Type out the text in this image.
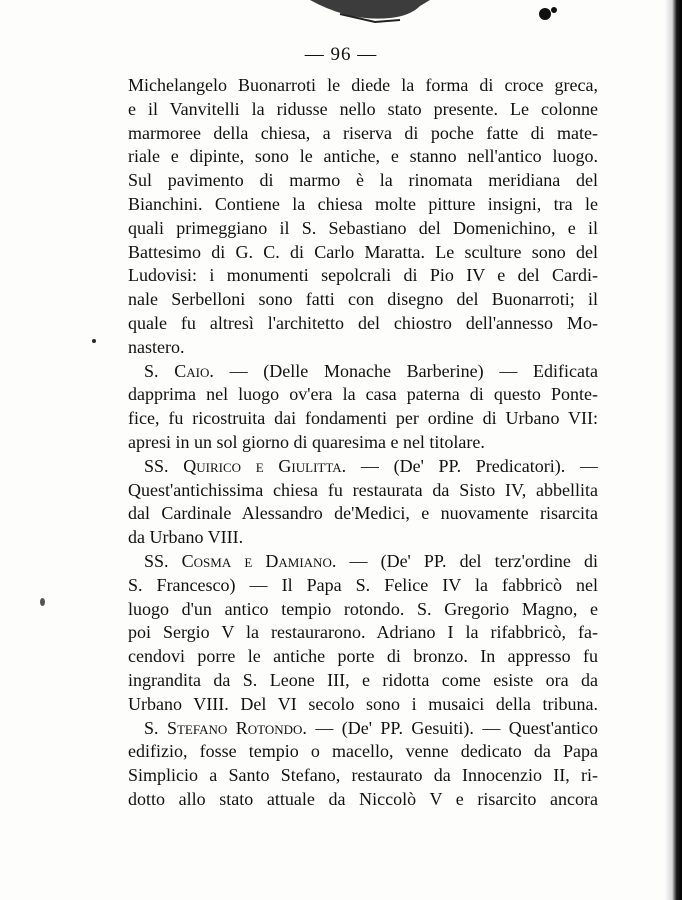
— 96 —
Michelangelo Buonarroti le diede la forma di croce greca,
e il Vanvitelli la ridusse nello stato presente. Le colonne
marmoree della chiesa, a riserva di poche fatte di mate-
riale e dipinte, sono le antiche, e stanno nell'antico luogo.
Sul pavimento di marmo è la rinomata meridiana del
Bianchini. Contiene la chiesa molte pitture insigni, tra le
quali primeggiano il S. Sebastiano del Domenichino, e il
Battesimo di G. C. di Carlo Maratta. Le sculture sono del
Ludovisi: i monumenti sepolcrali di Pio IV e del Cardi-
nale Serbelloni sono fatti con disegno del Buonarroti; il
quale fu altresì l'architetto del chiostro dell'annesso Mo-
nastero.
S. Caio. — (Delle Monache Barberine) — Edificata
dapprima nel luogo ov'era la casa paterna di questo Ponte-
fice, fu ricostruita dai fondamenti per ordine di Urbano VII:
apresi in un sol giorno di quaresima e nel titolare.
SS. Quirico e Giulitta. — (De' PP. Predicatori). —
Quest'antichissima chiesa fu restaurata da Sisto IV, abbellita
dal Cardinale Alessandro de'Medici, e nuovamente risarcita
da Urbano VIII.
SS. Cosma e Damiano. — (De' PP. del terz'ordine di
S. Francesco) — Il Papa S. Felice IV la fabbricò nel
luogo d'un antico tempio rotondo. S. Gregorio Magno, e
poi Sergio V la restaurarono. Adriano I la rifabbricò, fa-
cendovi porre le antiche porte di bronzo. In appresso fu
ingrandita da S. Leone III, e ridotta come esiste ora da
Urbano VIII. Del VI secolo sono i musaici della tribuna.
S. Stefano Rotondo. — (De' PP. Gesuiti). — Quest'antico
edifizio, fosse tempio o macello, venne dedicato da Papa
Simplicio a Santo Stefano, restaurato da Innocenzio II, ri-
dotto allo stato attuale da Niccolò V e risarcito ancora
